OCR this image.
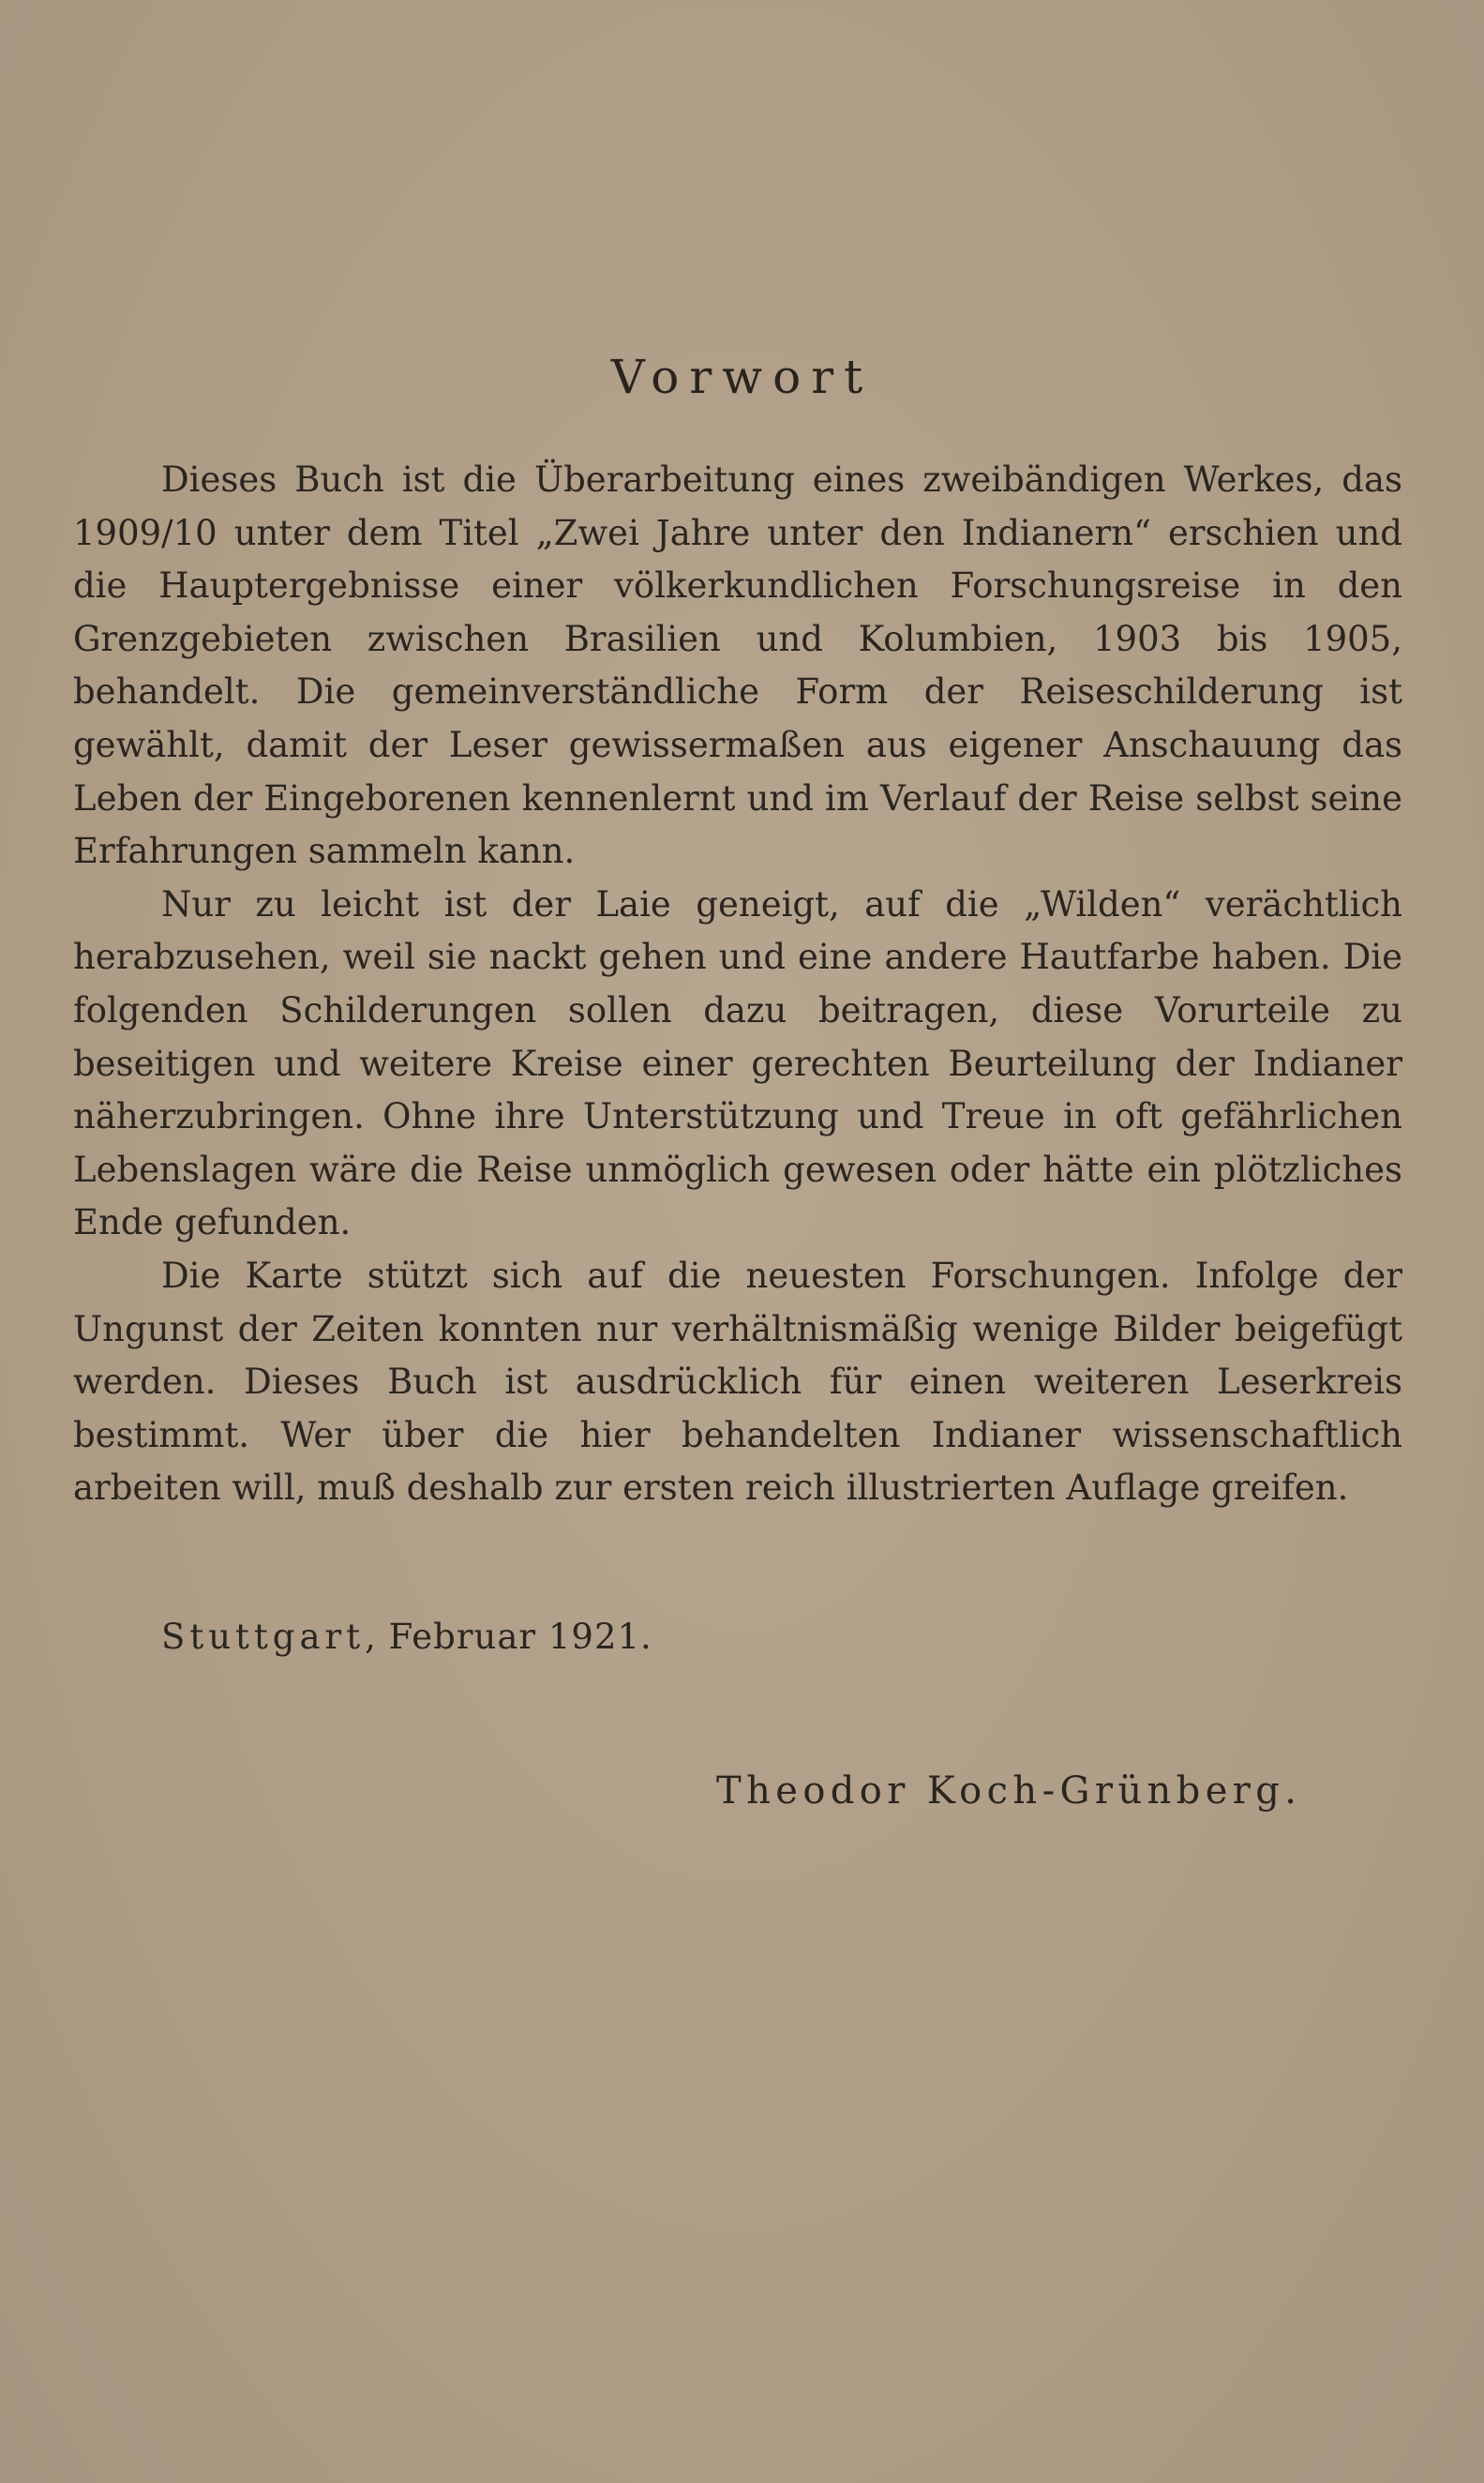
Vorwort

Dieses Buch ist die Überarbeitung eines zweibändigen Werkes, das 1909/10 unter dem Titel „Zwei Jahre unter den Indianern“ erschien und die Hauptergebnisse einer völkerkundlichen Forschungsreise in den Grenzgebieten zwischen Brasilien und Kolumbien, 1903 bis 1905, behandelt. Die gemeinverständliche Form der Reiseschilderung ist gewählt, damit der Leser gewissermaßen aus eigener Anschauung das Leben der Eingeborenen kennenlernt und im Verlauf der Reise selbst seine Erfahrungen sammeln kann.

Nur zu leicht ist der Laie geneigt, auf die „Wilden“ verächtlich herabzusehen, weil sie nackt gehen und eine andere Hautfarbe haben. Die folgenden Schilderungen sollen dazu beitragen, diese Vorurteile zu beseitigen und weitere Kreise einer gerechten Beurteilung der Indianer näherzubringen. Ohne ihre Unterstützung und Treue in oft gefährlichen Lebenslagen wäre die Reise unmöglich gewesen oder hätte ein plötzliches Ende gefunden.

Die Karte stützt sich auf die neuesten Forschungen. Infolge der Ungunst der Zeiten konnten nur verhältnismäßig wenige Bilder beigefügt werden. Dieses Buch ist ausdrücklich für einen weiteren Leserkreis bestimmt. Wer über die hier behandelten Indianer wissenschaftlich arbeiten will, muß deshalb zur ersten reich illustrierten Auflage greifen.

Stuttgart, Februar 1921.
Theodor Koch-Grünberg.
